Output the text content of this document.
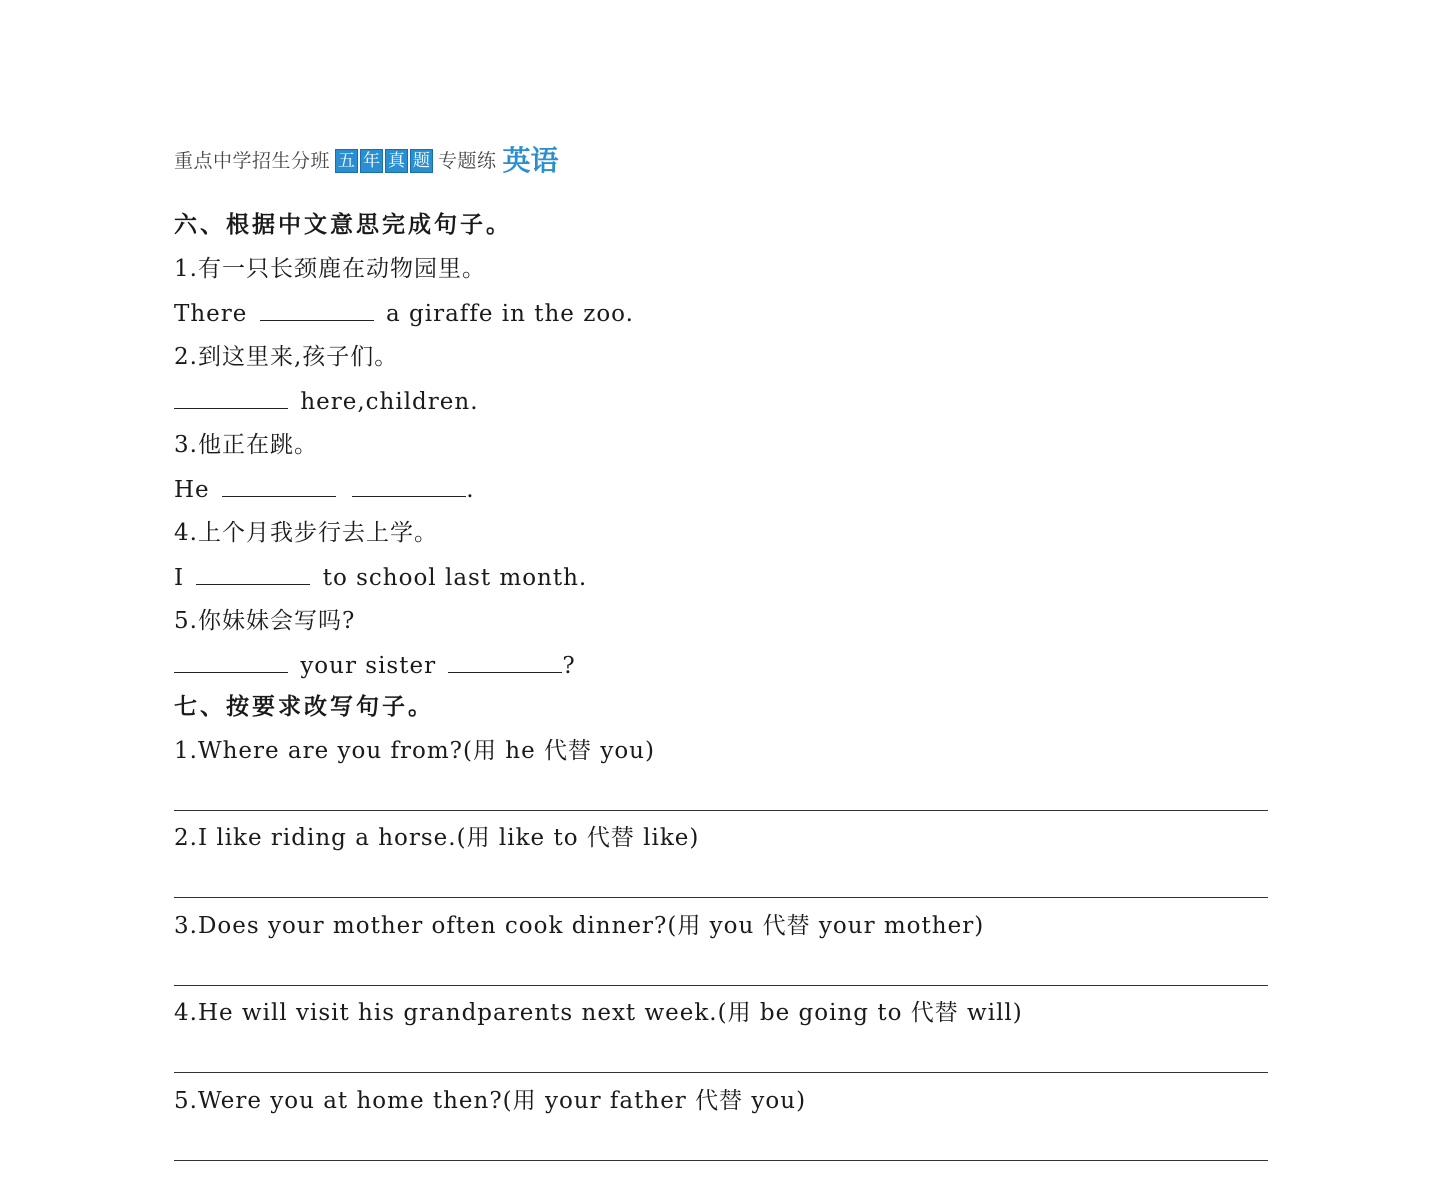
重点中学招生分班 五 年 真 题 专题练 英语
六、根据中文意思完成句子。
1.有一只长颈鹿在动物园里。
There	a giraffe in the zoo.
2.到这里来,孩子们。
here,children.
3.他正在跳。
He	.
4.上个月我步行去上学。
I	to school last month.
5.你妹妹会写吗?
your sister	?
七、按要求改写句子。
1.Where are you from?(用 he 代替 you)
2.I like riding a horse.(用 like to 代替 like)
3.Does your mother often cook dinner?(用 you 代替 your mother)
4.He will visit his grandparents next week.(用 be going to 代替 will)
5.Were you at home then?(用 your father 代替 you)
